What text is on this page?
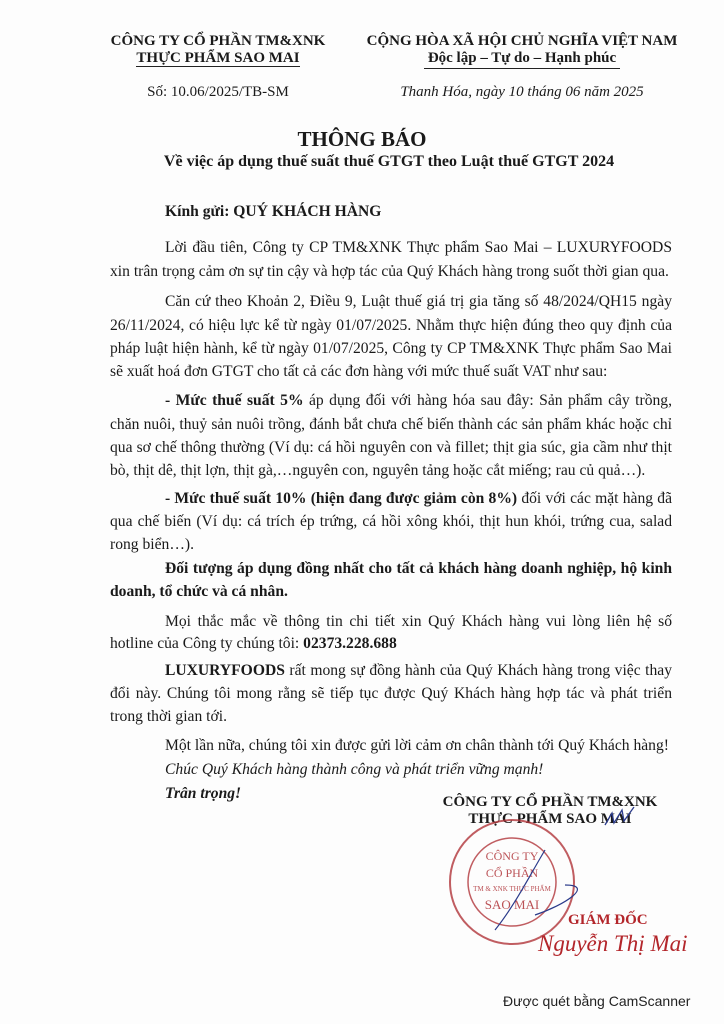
CÔNG TY CỔ PHẦN TM&XNK
THỰC PHẨM SAO MAI
CỘNG HÒA XÃ HỘI CHỦ NGHĨA VIỆT NAM
Độc lập – Tự do – Hạnh phúc
Số: 10.06/2025/TB-SM	Thanh Hóa, ngày 10 tháng 06 năm 2025
THÔNG BÁO
Về việc áp dụng thuế suất thuế GTGT theo Luật thuế GTGT 2024
Kính gửi: QUÝ KHÁCH HÀNG
Lời đầu tiên, Công ty CP TM&XNK Thực phẩm Sao Mai – LUXURYFOODS
xin trân trọng cảm ơn sự tin cậy và hợp tác của Quý Khách hàng trong suốt thời gian qua.
Căn cứ theo Khoản 2, Điều 9, Luật thuế giá trị gia tăng số 48/2024/QH15 ngày
26/11/2024, có hiệu lực kể từ ngày 01/07/2025. Nhằm thực hiện đúng theo quy định của
pháp luật hiện hành, kể từ ngày 01/07/2025, Công ty CP TM&XNK Thực phẩm Sao Mai
sẽ xuất hoá đơn GTGT cho tất cả các đơn hàng với mức thuế suất VAT như sau:
- Mức thuế suất 5% áp dụng đối với hàng hóa sau đây: Sản phẩm cây trồng,
chăn nuôi, thuỷ sản nuôi trồng, đánh bắt chưa chế biến thành các sản phẩm khác hoặc chỉ
qua sơ chế thông thường (Ví dụ: cá hồi nguyên con và fillet; thịt gia súc, gia cầm như thịt
bò, thịt dê, thịt lợn, thịt gà,…nguyên con, nguyên tảng hoặc cắt miếng; rau củ quả…).
- Mức thuế suất 10% (hiện đang được giảm còn 8%) đối với các mặt hàng đã
qua chế biến (Ví dụ: cá trích ép trứng, cá hồi xông khói, thịt hun khói, trứng cua, salad
rong biển…).
Đối tượng áp dụng đồng nhất cho tất cả khách hàng doanh nghiệp, hộ kinh
doanh, tổ chức và cá nhân.
Mọi thắc mắc về thông tin chi tiết xin Quý Khách hàng vui lòng liên hệ số
hotline của Công ty chúng tôi: 02373.228.688
LUXURYFOODS rất mong sự đồng hành của Quý Khách hàng trong việc thay
đổi này. Chúng tôi mong rằng sẽ tiếp tục được Quý Khách hàng hợp tác và phát triển
trong thời gian tới.
Một lần nữa, chúng tôi xin được gửi lời cảm ơn chân thành tới Quý Khách hàng!
Chúc Quý Khách hàng thành công và phát triển vững mạnh!
Trân trọng!	CÔNG TY CỔ PHẦN TM&XNK
THỰC PHẨM SAO MAI
CÔNG TY
CỔ PHẦN
TM & XNK THỰC PHẨM
SAO MAI
GIÁM ĐỐC
Nguyễn Thị Mai
Được quét bằng CamScanner
